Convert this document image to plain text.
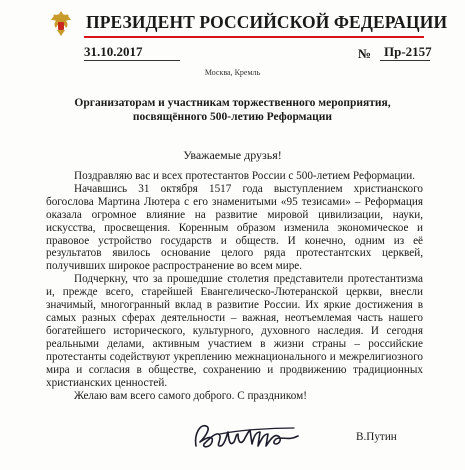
ПРЕЗИДЕНТ РОССИЙСКОЙ ФЕДЕРАЦИИ
31.10.2017	№ Пр-2157
Москва, Кремль
Организаторам и участникам торжественного мероприятия,
посвящённого 500-летию Реформации
Уважаемые друзья!

Поздравляю вас и всех протестантов России с 500-летием Реформации.

Начавшись 31 октября 1517 года выступлением христианского богослова Мартина Лютера с его знаменитыми «95 тезисами» – Реформация оказала огромное влияние на развитие мировой цивилизации, науки, искусства, просвещения. Коренным образом изменила экономическое и правовое устройство государств и обществ. И конечно, одним из её результатов явилось основание целого ряда протестантских церквей, получивших широкое распространение во всем мире.

Подчеркну, что за прошедшие столетия представители протестантизма и, прежде всего, старейшей Евангелическо-Лютеранской церкви, внесли значимый, многогранный вклад в развитие России. Их яркие достижения в самых разных сферах деятельности – важная, неотъемлемая часть нашего богатейшего исторического, культурного, духовного наследия. И сегодня реальными делами, активным участием в жизни страны – российские протестанты содействуют укреплению межнационального и межрелигиозного мира и согласия в обществе, сохранению и продвижению традиционных христианских ценностей.

Желаю вам всего самого доброго. С праздником!
В.Путин
